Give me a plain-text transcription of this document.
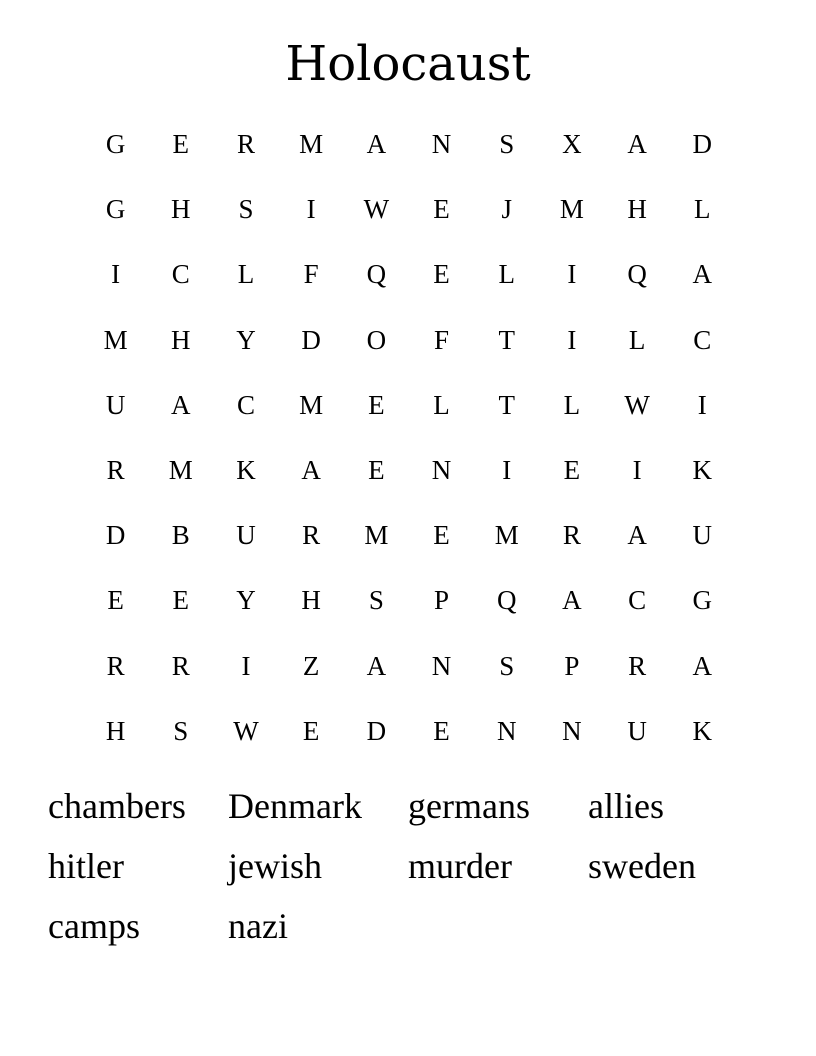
Holocaust
G	E	R	M	A	N	S	X	A	D
G	H	S	I	W	E	J	M	H	L
I	C	L	F	Q	E	L	I	Q	A
M	H	Y	D	O	F	T	I	L	C
U	A	C	M	E	L	T	L	W	I
R	M	K	A	E	N	I	E	I	K
D	B	U	R	M	E	M	R	A	U
E	E	Y	H	S	P	Q	A	C	G
R	R	I	Z	A	N	S	P	R	A
H	S	W	E	D	E	N	N	U	K
chambers	Denmark	germans	allies
hitler	jewish	murder	sweden
camps	nazi
